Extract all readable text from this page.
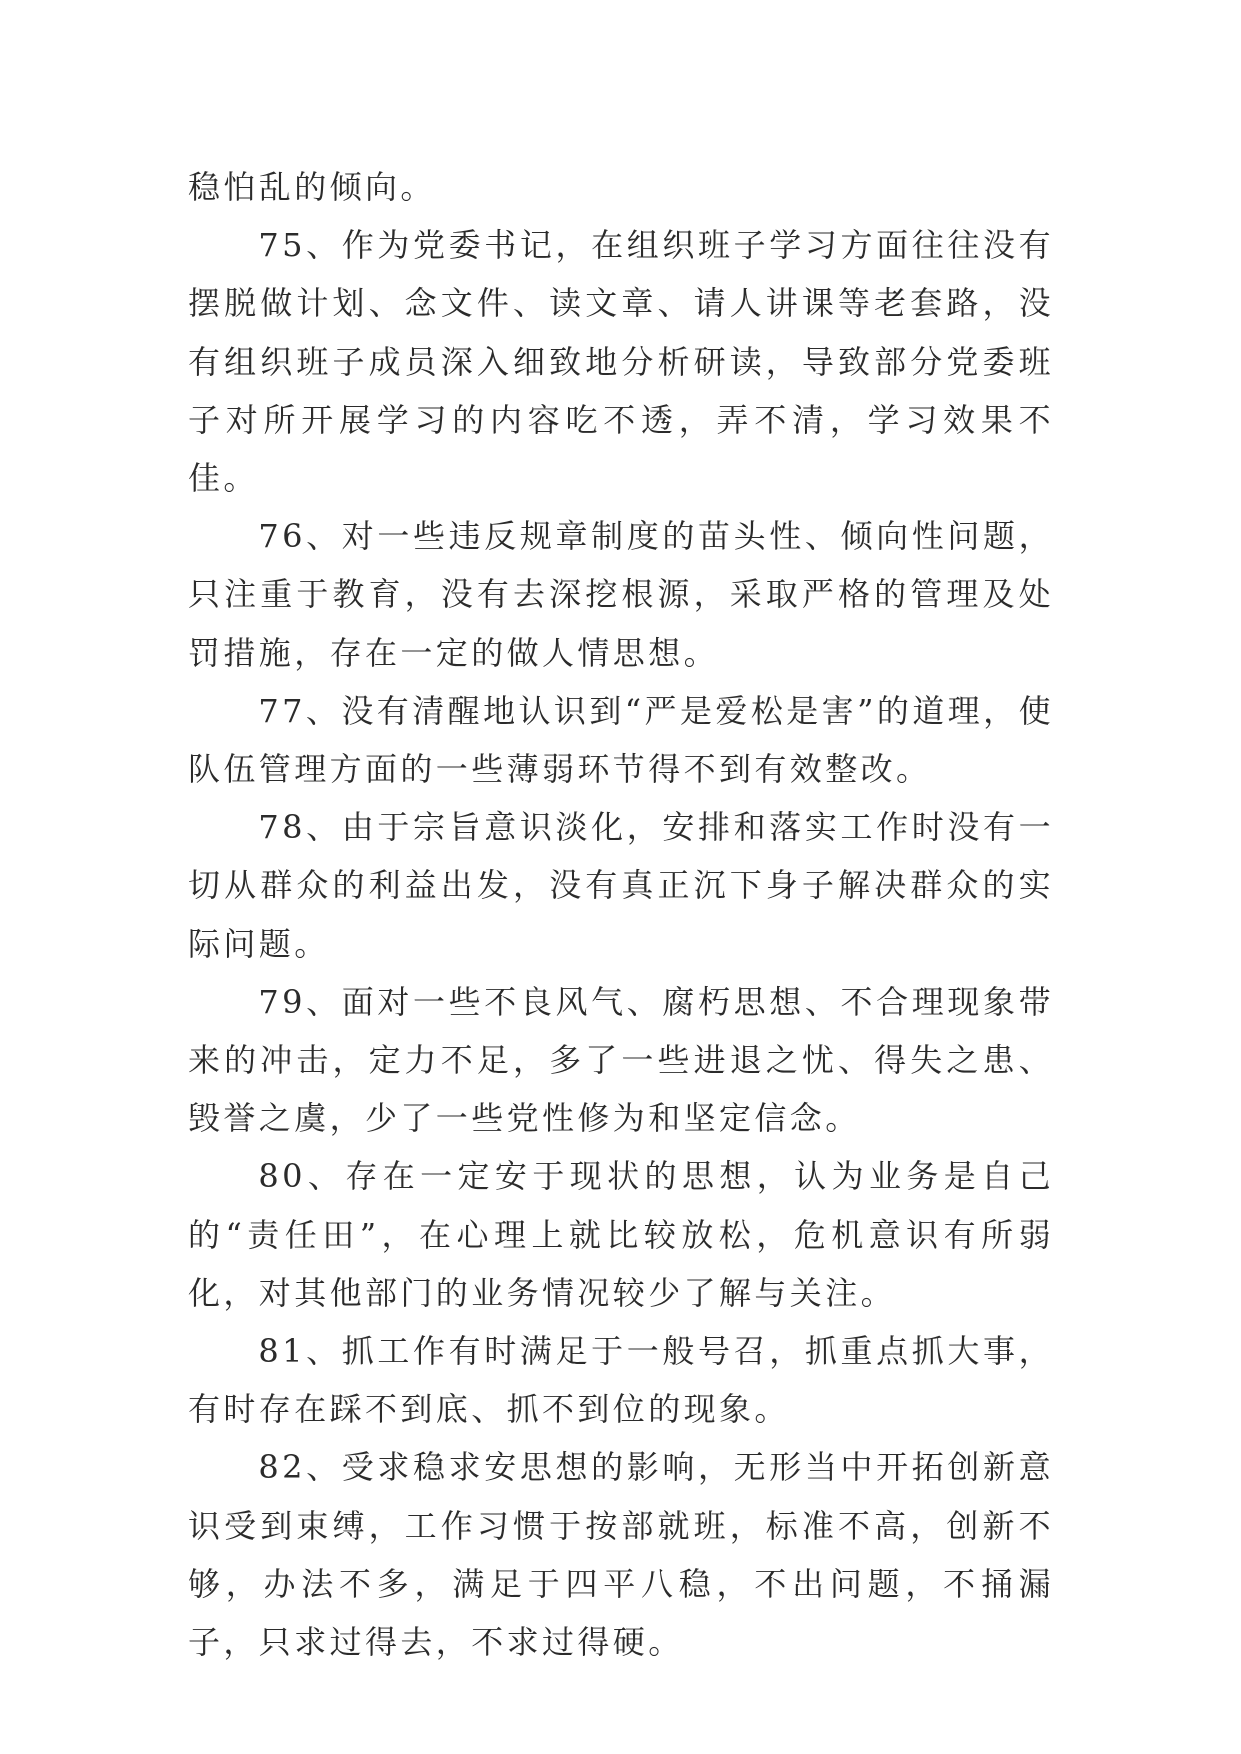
稳怕乱的倾向。

75、作为党委书记，在组织班子学习方面往往没有摆脱做计划、念文件、读文章、请人讲课等老套路，没有组织班子成员深入细致地分析研读，导致部分党委班子对所开展学习的内容吃不透，弄不清，学习效果不佳。

76、对一些违反规章制度的苗头性、倾向性问题，只注重于教育，没有去深挖根源，采取严格的管理及处罚措施，存在一定的做人情思想。

77、没有清醒地认识到“严是爱松是害”的道理，使队伍管理方面的一些薄弱环节得不到有效整改。

78、由于宗旨意识淡化，安排和落实工作时没有一切从群众的利益出发，没有真正沉下身子解决群众的实际问题。

79、面对一些不良风气、腐朽思想、不合理现象带来的冲击，定力不足，多了一些进退之忧、得失之患、毁誉之虞，少了一些党性修为和坚定信念。

80、存在一定安于现状的思想，认为业务是自己的“责任田”，在心理上就比较放松，危机意识有所弱化，对其他部门的业务情况较少了解与关注。

81、抓工作有时满足于一般号召，抓重点抓大事，有时存在踩不到底、抓不到位的现象。

82、受求稳求安思想的影响，无形当中开拓创新意识受到束缚，工作习惯于按部就班，标准不高，创新不够，办法不多，满足于四平八稳，不出问题，不捅漏子，只求过得去，不求过得硬。
